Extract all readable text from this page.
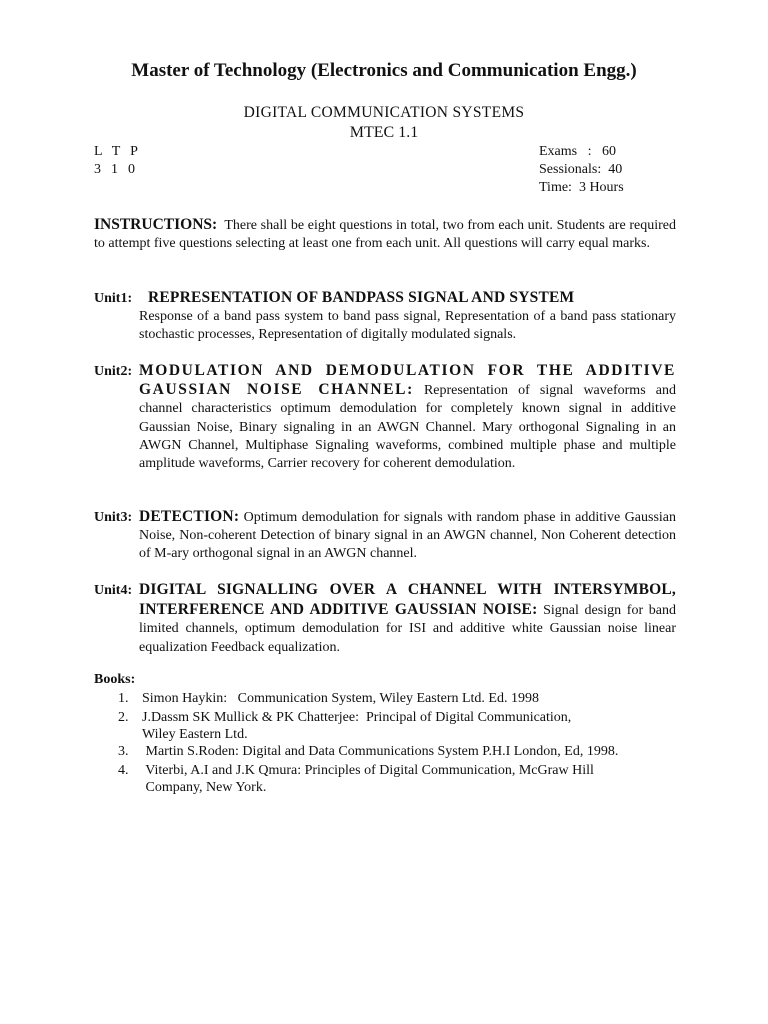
Master of Technology (Electronics and Communication Engg.)
DIGITAL COMMUNICATION SYSTEMS
MTEC 1.1
L  T  P
3  1  0
Exams   :   60
Sessionals:  40
Time:  3 Hours
INSTRUCTIONS: There shall be eight questions in total, two from each unit. Students are required to attempt five questions selecting at least one from each unit. All questions will carry equal marks.
Unit1: REPRESENTATION OF BANDPASS SIGNAL AND SYSTEM
Response of a band pass system to band pass signal, Representation of a band pass stationary stochastic processes, Representation of digitally modulated signals.
Unit2: MODULATION AND DEMODULATION FOR THE ADDITIVE GAUSSIAN NOISE CHANNEL: Representation of signal waveforms and channel characteristics optimum demodulation for completely known signal in additive Gaussian Noise, Binary signaling in an AWGN Channel. Mary orthogonal Signaling in an AWGN Channel, Multiphase Signaling waveforms, combined multiple phase and multiple amplitude waveforms, Carrier recovery for coherent demodulation.
Unit3: DETECTION: Optimum demodulation for signals with random phase in additive Gaussian Noise, Non-coherent Detection of binary signal in an AWGN channel, Non Coherent detection of M-ary orthogonal signal in an AWGN channel.
Unit4: DIGITAL SIGNALLING OVER A CHANNEL WITH INTERSYMBOL, INTERFERENCE AND ADDITIVE GAUSSIAN NOISE: Signal design for band limited channels, optimum demodulation for ISI and additive white Gaussian noise linear equalization Feedback equalization.
Books:
1. Simon Haykin:   Communication System, Wiley Eastern Ltd. Ed. 1998
2. J.Dassm SK Mullick & PK Chatterjee:  Principal of Digital Communication,
Wiley Eastern Ltd.
3. Martin S.Roden: Digital and Data Communications System P.H.I London, Ed, 1998.
4. Viterbi, A.I and J.K Qmura: Principles of Digital Communication, McGraw Hill
Company, New York.
